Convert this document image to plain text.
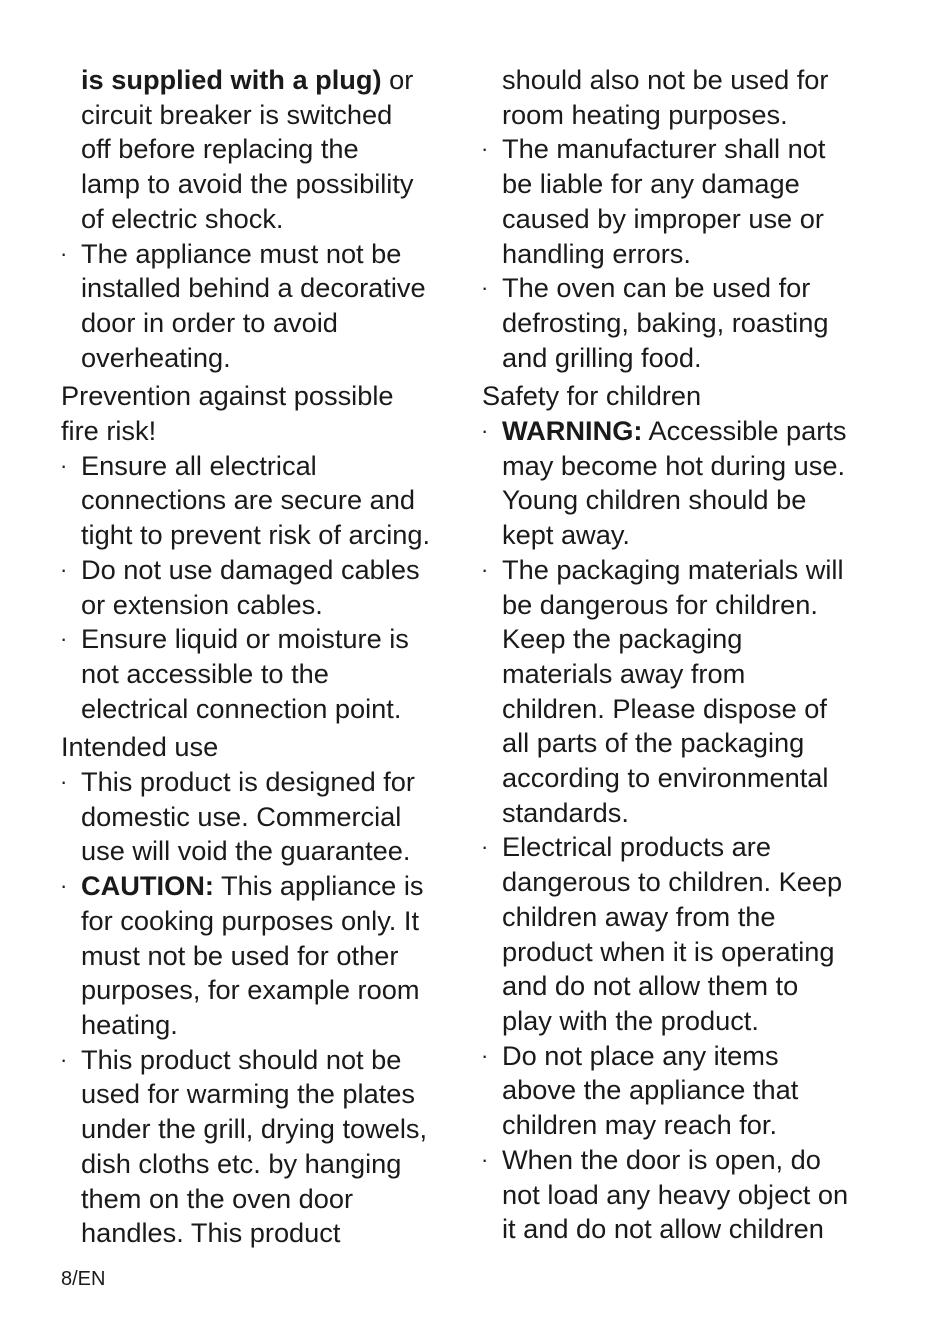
is supplied with a plug) or
circuit breaker is switched
off before replacing the
lamp to avoid the possibility
of electric shock.
· The appliance must not be
installed behind a decorative
door in order to avoid
overheating.

Prevention against possible
fire risk!

· Ensure all electrical
connections are secure and
tight to prevent risk of arcing.
· Do not use damaged cables
or extension cables.
· Ensure liquid or moisture is
not accessible to the
electrical connection point.

Intended use

· This product is designed for
domestic use. Commercial
use will void the guarantee.
· CAUTION: This appliance is
for cooking purposes only. It
must not be used for other
purposes, for example room
heating.
· This product should not be
used for warming the plates
under the grill, drying towels,
dish cloths etc. by hanging
them on the oven door
handles. This product
should also not be used for
room heating purposes.
· The manufacturer shall not
be liable for any damage
caused by improper use or
handling errors.
· The oven can be used for
defrosting, baking, roasting
and grilling food.

Safety for children

· WARNING: Accessible parts
may become hot during use.
Young children should be
kept away.
· The packaging materials will
be dangerous for children.
Keep the packaging
materials away from
children. Please dispose of
all parts of the packaging
according to environmental
standards.
· Electrical products are
dangerous to children. Keep
children away from the
product when it is operating
and do not allow them to
play with the product.
· Do not place any items
above the appliance that
children may reach for.
· When the door is open, do
not load any heavy object on
it and do not allow children
8/EN
